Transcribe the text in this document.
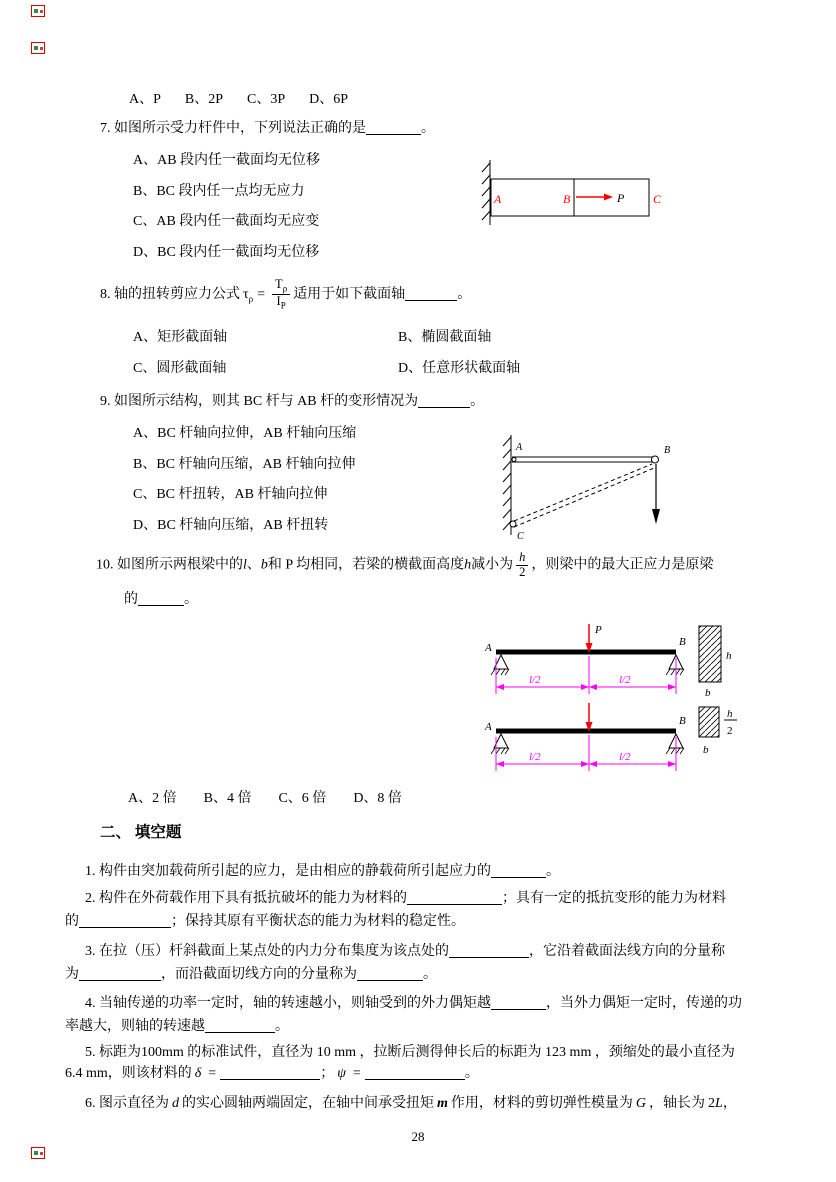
A、P B、2P C、3P D、6P
7. 如图所示受力杆件中，下列说法正确的是	。
A、AB 段内任一截面均无位移
B、BC 段内任一点均无应力
C、AB 段内任一截面均无应变
D、BC 段内任一截面均无位移
A	B	P C
8. 轴的扭转剪应力公式 $\tau_\rho = \frac{T_\rho}{I_P}$ 适用于如下截面轴	。
A、矩形截面轴	B、椭圆截面轴
C、圆形截面轴	D、任意形状截面轴
9. 如图所示结构，则其 BC 杆与 AB 杆的变形情况为	。
A、BC 杆轴向拉伸，AB 杆轴向压缩
B、BC 杆轴向压缩，AB 杆轴向拉伸
C、BC 杆扭转，AB 杆轴向拉伸
D、BC 杆轴向压缩，AB 杆扭转
A	B
C
10. 如图所示两根梁中的l、b和 P 均相同，若梁的横截面高度h减小为 $\frac{h}{2}$ ，则梁中的最大正应力是原梁
的	。
A	B
P
l/2	l/2
h
b
A	B
l/2	l/2
h
2
b
A、2 倍 B、4 倍 C、6 倍 D、8 倍
二、 填空题
1. 构件由突加载荷所引起的应力，是由相应的静载荷所引起应力的	。
2. 构件在外荷载作用下具有抵抗破坏的能力为材料的	；具有一定的抵抗变形的能力为材料
的	；保持其原有平衡状态的能力为材料的稳定性。
3. 在拉（压）杆斜截面上某点处的内力分布集度为该点处的	，它沿着截面法线方向的分量称
为	，而沿截面切线方向的分量称为	。
4. 当轴传递的功率一定时，轴的转速越小，则轴受到的外力偶矩越	，当外力偶矩一定时，传递的功
率越大，则轴的转速越	。
5. 标距为100mm 的标准试件，直径为 10 mm ，拉断后测得伸长后的标距为 123 mm ，颈缩处的最小直径为
6.4 mm，则该材料的 δ =	； ψ =	。
6. 图示直径为 d 的实心圆轴两端固定，在轴中间承受扭矩 m 作用，材料的剪切弹性模量为 G ，轴长为 2L，
28
